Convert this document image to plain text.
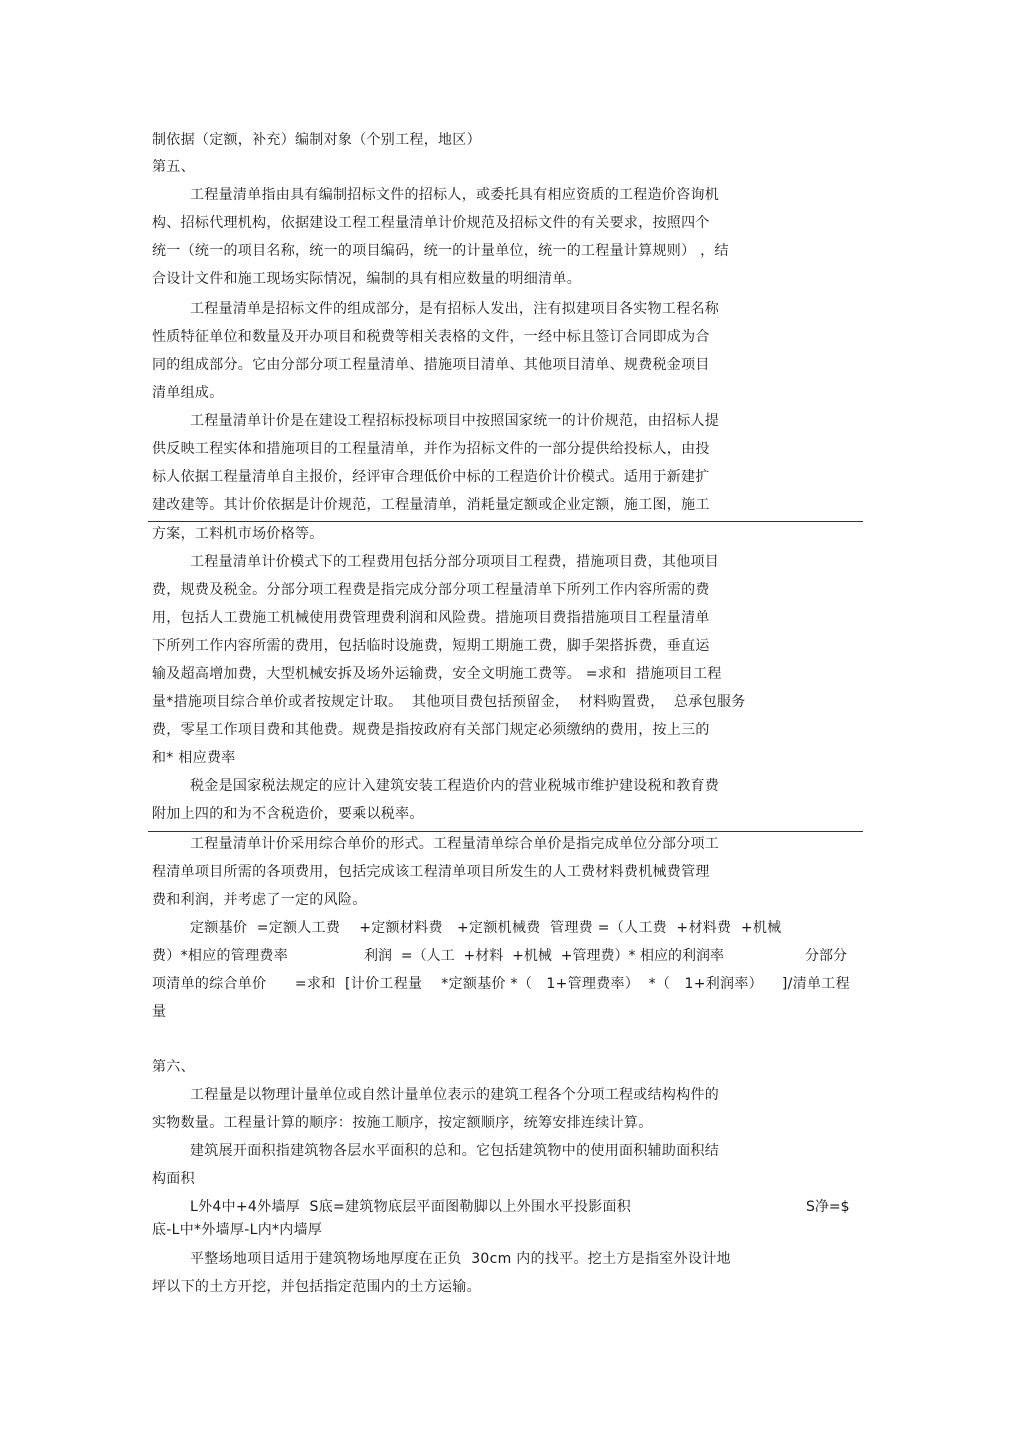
制依据（定额，补充）编制对象（个别工程，地区）
第五、
工程量清单指由具有编制招标文件的招标人，或委托具有相应资质的工程造价咨询机
构、招标代理机构，依据建设工程工程量清单计价规范及招标文件的有关要求，按照四个
统一（统一的项目名称，统一的项目编码，统一的计量单位，统一的工程量计算规则） ，结
合设计文件和施工现场实际情况，编制的具有相应数量的明细清单。
工程量清单是招标文件的组成部分，是有招标人发出，注有拟建项目各实物工程名称
性质特征单位和数量及开办项目和税费等相关表格的文件，一经中标且签订合同即成为合
同的组成部分。它由分部分项工程量清单、措施项目清单、其他项目清单、规费税金项目
清单组成。
工程量清单计价是在建设工程招标投标项目中按照国家统一的计价规范，由招标人提
供反映工程实体和措施项目的工程量清单，并作为招标文件的一部分提供给投标人，由投
标人依据工程量清单自主报价，经评审合理低价中标的工程造价计价模式。适用于新建扩
建改建等。其计价依据是计价规范，工程量清单，消耗量定额或企业定额，施工图，施工
方案，工料机市场价格等。
工程量清单计价模式下的工程费用包括分部分项项目工程费，措施项目费，其他项目
费，规费及税金。分部分项工程费是指完成分部分项工程量清单下所列工作内容所需的费
用，包括人工费施工机械使用费管理费利润和风险费。措施项目费指措施项目工程量清单
下所列工作内容所需的费用，包括临时设施费，短期工期施工费，脚手架搭拆费，垂直运
输及超高增加费，大型机械安拆及场外运输费，安全文明施工费等。 =求和  措施项目工程
量*措施项目综合单价或者按规定计取。  其他项目费包括预留金，  材料购置费，  总承包服务
费，零星工作项目费和其他费。规费是指按政府有关部门规定必须缴纳的费用，按上三的
和* 相应费率
税金是国家税法规定的应计入建筑安装工程造价内的营业税城市维护建设税和教育费
附加上四的和为不含税造价，要乘以税率。
工程量清单计价采用综合单价的形式。工程量清单综合单价是指完成单位分部分项工
程清单项目所需的各项费用，包括完成该工程清单项目所发生的人工费材料费机械费管理
费和利润，并考虑了一定的风险。
定额基价  =定额人工费    +定额材料费   +定额机械费  管理费 =（人工费  +材料费  +机械
费）*相应的管理费率	利润  =（人工  +材料  +机械  +管理费）* 相应的利润率	分部分
项清单的综合单价      =求和  [计价工程量    *定额基价 *（   1+管理费率）  *（   1+利润率）    ]/清单工程
量
第六、
工程量是以物理计量单位或自然计量单位表示的建筑工程各个分项工程或结构构件的
实物数量。工程量计算的顺序：按施工顺序，按定额顺序，统筹安排连续计算。
建筑展开面积指建筑物各层水平面积的总和。它包括建筑物中的使用面积辅助面积结
构面积
L外4中+4外墙厚  S底=建筑物底层平面图勒脚以上外围水平投影面积	S净=$
底-L中*外墙厚-L内*内墙厚
平整场地项目适用于建筑物场地厚度在正负  30cm 内的找平。挖土方是指室外设计地
坪以下的土方开挖，并包括指定范围内的土方运输。
